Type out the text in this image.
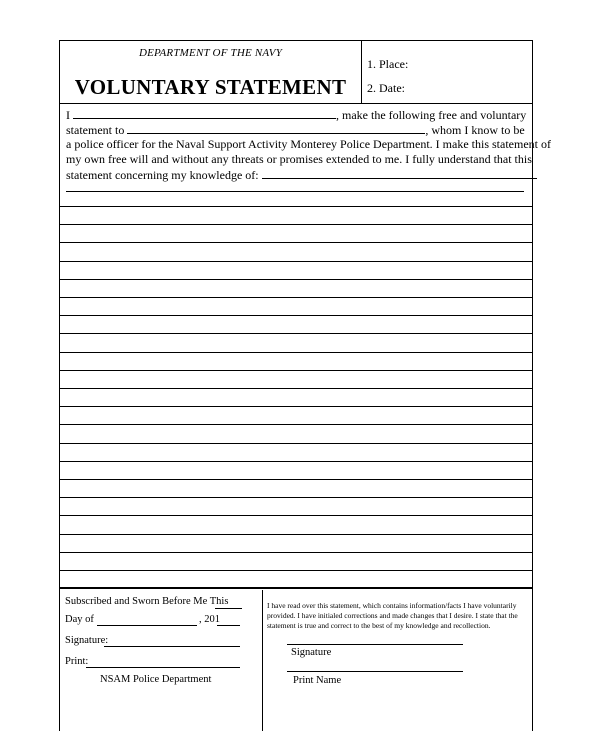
DEPARTMENT OF THE NAVY
VOLUNTARY STATEMENT
1. Place:
2. Date:
I	, make the following free and voluntary
statement to	, whom I know to be
a police officer for the Naval Support Activity Monterey Police Department. I make this statement of
my own free will and without any threats or promises extended to me. I fully understand that this
statement concerning my knowledge of:
Subscribed and Sworn Before Me This
Day of	, 201
Signature:
Print:
NSAM Police Department
I have read over this statement, which contains information/facts I have voluntarily
provided. I have initialed corrections and made changes that I desire. I state that the
statement is true and correct to the best of my knowledge and recollection.
Signature
Print Name
